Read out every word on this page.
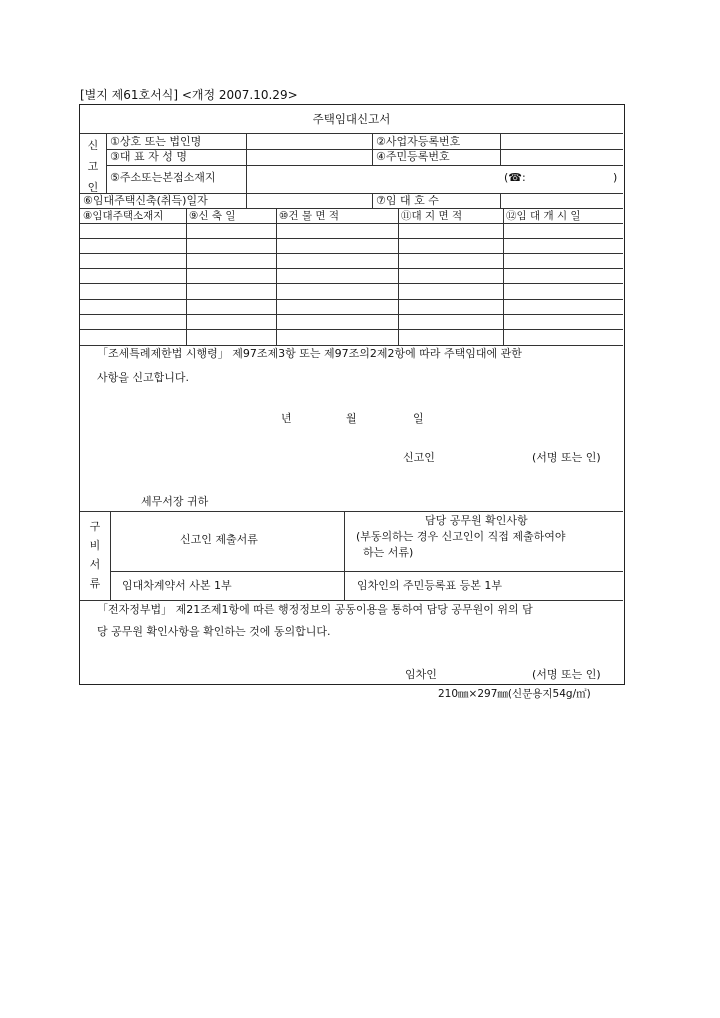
[별지 제61호서식] <개정 2007.10.29>
주택임대신고서
신
고
인
①상호 또는 법인명	②사업자등록번호
③대 표 자 성 명	④주민등록번호
⑤주소또는본점소재지	(☎:	)
⑥임대주택신축(취득)일자	⑦임 대 호 수
⑧임대주택소재지 ⑨신 축 일	⑩건 물 면 적	⑪대 지 면 적	⑫임 대 개 시 일
「조세특례제한법 시행령」 제97조제3항 또는 제97조의2제2항에 따라 주택임대에 관한
사항을 신고합니다.
년	월	일
신고인	(서명 또는 인)
세무서장 귀하
구
비
서
류
신고인 제출서류
담당 공무원 확인사항
(부동의하는 경우 신고인이 직접 제출하여야
하는 서류)
임대차계약서 사본 1부	임차인의 주민등록표 등본 1부
「전자정부법」 제21조제1항에 따른 행정정보의 공동이용을 통하여 담당 공무원이 위의 담
당 공무원 확인사항을 확인하는 것에 동의합니다.
임차인	(서명 또는 인)
210㎜×297㎜(신문용지54g/㎡)
